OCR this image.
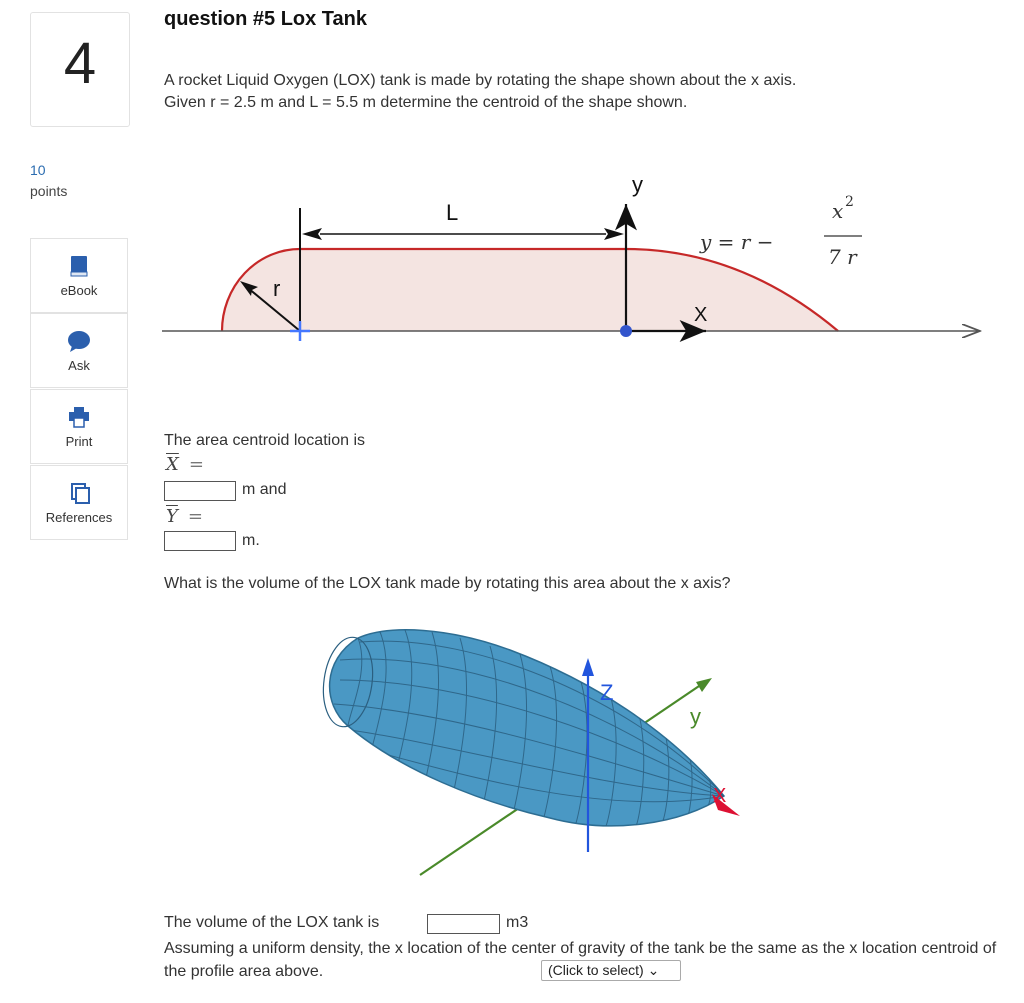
4
10
points
eBook
Ask
Print
References
question #5 Lox Tank
A rocket Liquid Oxygen (LOX) tank is made by rotating the shape shown about the x axis.
Given r = 2.5 m and L = 5.5 m determine the centroid of the shape shown.
L
y
X
r
y = r −
x 2
7 r
The area centroid location is
$\overline{X}$ =
m and
$\overline{Y}$ =
m.
What is the volume of the LOX tank made by rotating this area about the x axis?
y
Z
X
The volume of the LOX tank is	m3
Assuming a uniform density, the x location of the center of gravity of the tank be the same as the x location centroid of the profile area above.	(Click to select) ⌄
